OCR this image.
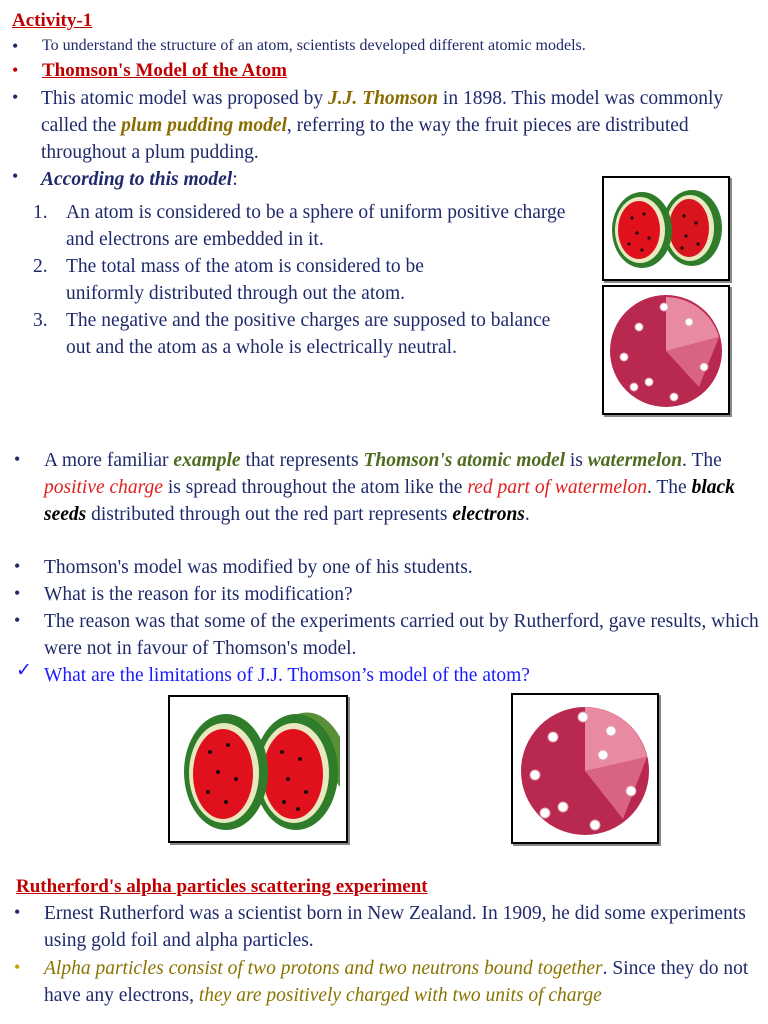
Activity-1
• To understand the structure of an atom, scientists developed different atomic models.
• Thomson's Model of the Atom
• This atomic model was proposed by J.J. Thomson in 1898. This model was commonly called the plum pudding model, referring to the way the fruit pieces are distributed throughout a plum pudding.
• According to this model:
1. An atom is considered to be a sphere of uniform positive charge and electrons are embedded in it.
2. The total mass of the atom is considered to be uniformly distributed through out the atom.
3. The negative and the positive charges are supposed to balance out and the atom as a whole is electrically neutral.
• A more familiar example that represents Thomson's atomic model is watermelon. The positive charge is spread throughout the atom like the red part of watermelon. The black seeds distributed through out the red part represents electrons.
• Thomson's model was modified by one of his students.
• What is the reason for its modification?
• The reason was that some of the experiments carried out by Rutherford, gave results, which were not in favour of Thomson's model.
✓ What are the limitations of J.J. Thomson’s model of the atom?
Rutherford's alpha particles scattering experiment
• Ernest Rutherford was a scientist born in New Zealand. In 1909, he did some experiments using gold foil and alpha particles.
• Alpha particles consist of two protons and two neutrons bound together. Since they do not have any electrons, they are positively charged with two units of charge
